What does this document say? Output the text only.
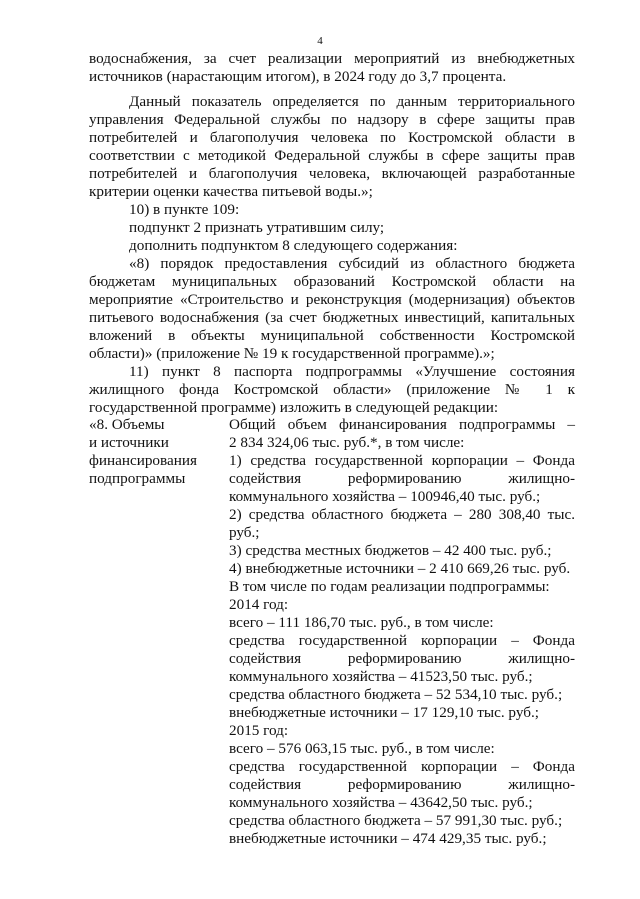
4
водоснабжения, за счет реализации мероприятий из внебюджетных
источников (нарастающим итогом), в 2024 году до 3,7 процента.
Данный показатель определяется по данным территориального
управления Федеральной службы по надзору в сфере защиты прав
потребителей и благополучия человека по Костромской области в
соответствии с методикой Федеральной службы в сфере защиты прав
потребителей и благополучия человека, включающей разработанные
критерии оценки качества питьевой воды.»;
10) в пункте 109:
подпункт 2 признать утратившим силу;
дополнить подпунктом 8 следующего содержания:
«8) порядок предоставления субсидий из областного бюджета
бюджетам муниципальных образований Костромской области на
мероприятие «Строительство и реконструкция (модернизация) объектов
питьевого водоснабжения (за счет бюджетных инвестиций, капитальных
вложений в объекты муниципальной собственности Костромской
области)» (приложение № 19 к государственной программе).»;
11) пункт 8 паспорта подпрограммы «Улучшение состояния
жилищного фонда Костромской области» (приложение № 1 к
государственной программе) изложить в следующей редакции:
«8. Объемы
и источники
финансирования
подпрограммы
Общий объем финансирования подпрограммы –
2 834 324,06 тыс. руб.*, в том числе:
1) средства государственной корпорации – Фонда
содействия реформированию жилищно-
коммунального хозяйства – 100946,40 тыс. руб.;
2) средства областного бюджета – 280 308,40 тыс.
руб.;
3) средства местных бюджетов – 42 400 тыс. руб.;
4) внебюджетные источники – 2 410 669,26 тыс. руб.
В том числе по годам реализации подпрограммы:
2014 год:
всего – 111 186,70 тыс. руб., в том числе:
средства государственной корпорации – Фонда
содействия реформированию жилищно-
коммунального хозяйства – 41523,50 тыс. руб.;
средства областного бюджета – 52 534,10 тыс. руб.;
внебюджетные источники – 17 129,10 тыс. руб.;
2015 год:
всего – 576 063,15 тыс. руб., в том числе:
средства государственной корпорации – Фонда
содействия реформированию жилищно-
коммунального хозяйства – 43642,50 тыс. руб.;
средства областного бюджета – 57 991,30 тыс. руб.;
внебюджетные источники – 474 429,35 тыс. руб.;
